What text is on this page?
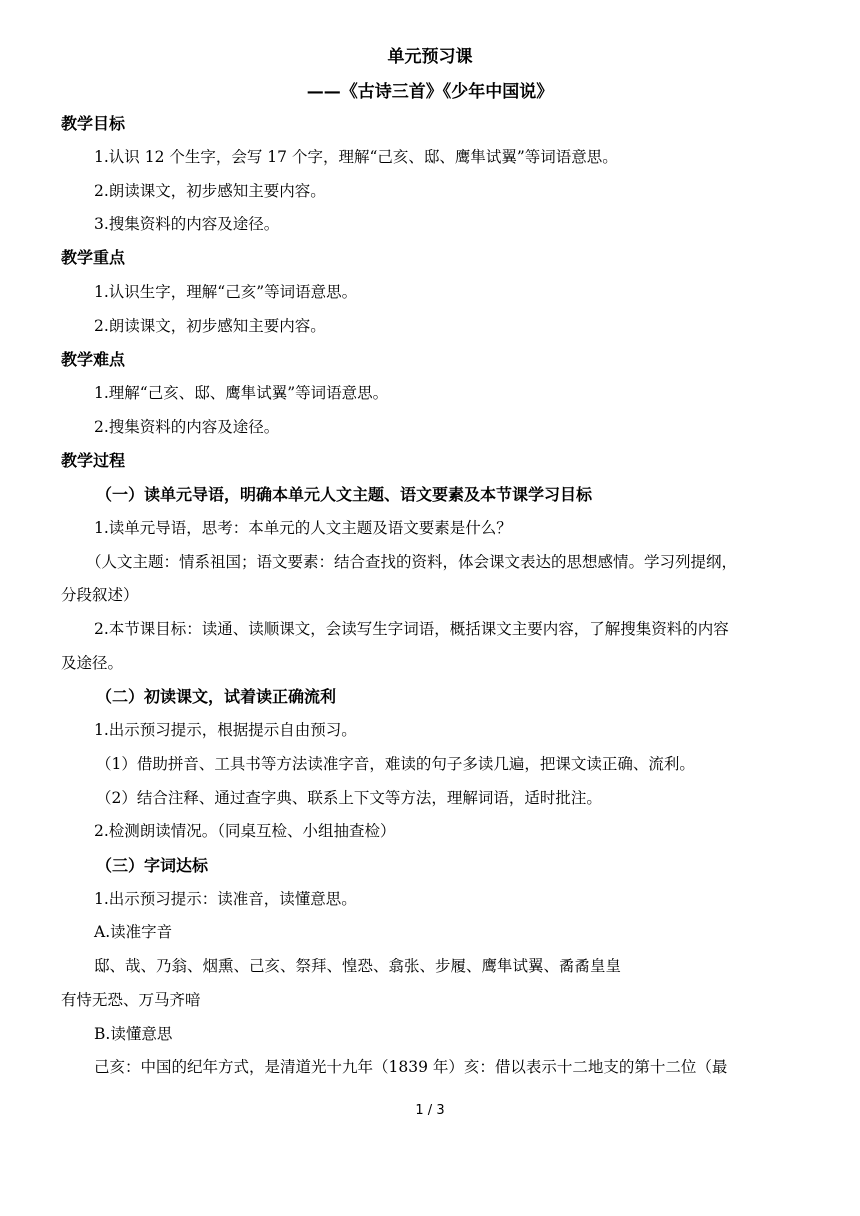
单元预习课
——《古诗三首》《少年中国说》
教学目标
1.认识 12 个生字，会写 17 个字，理解“己亥、邸、鹰隼试翼”等词语意思。
2.朗读课文，初步感知主要内容。
3.搜集资料的内容及途径。
教学重点
1.认识生字，理解“己亥”等词语意思。
2.朗读课文，初步感知主要内容。
教学难点
1.理解“己亥、邸、鹰隼试翼”等词语意思。
2.搜集资料的内容及途径。
教学过程
（一）读单元导语，明确本单元人文主题、语文要素及本节课学习目标
1.读单元导语，思考：本单元的人文主题及语文要素是什么？
（人文主题：情系祖国；语文要素：结合查找的资料，体会课文表达的思想感情。学习列提纲，
分段叙述）
2.本节课目标：读通、读顺课文，会读写生字词语，概括课文主要内容，了解搜集资料的内容
及途径。
（二）初读课文，试着读正确流利
1.出示预习提示，根据提示自由预习。
（1）借助拼音、工具书等方法读准字音，难读的句子多读几遍，把课文读正确、流利。
（2）结合注释、通过查字典、联系上下文等方法，理解词语，适时批注。
2.检测朗读情况。（同桌互检、小组抽查检）
（三）字词达标
1.出示预习提示：读准音，读懂意思。
A.读准字音
邸、哉、乃翁、烟熏、己亥、祭拜、惶恐、翕张、步履、鹰隼试翼、矞矞皇皇
有恃无恐、万马齐喑
B.读懂意思
己亥：中国的纪年方式，是清道光十九年（1839 年）亥：借以表示十二地支的第十二位（最
1 / 3
